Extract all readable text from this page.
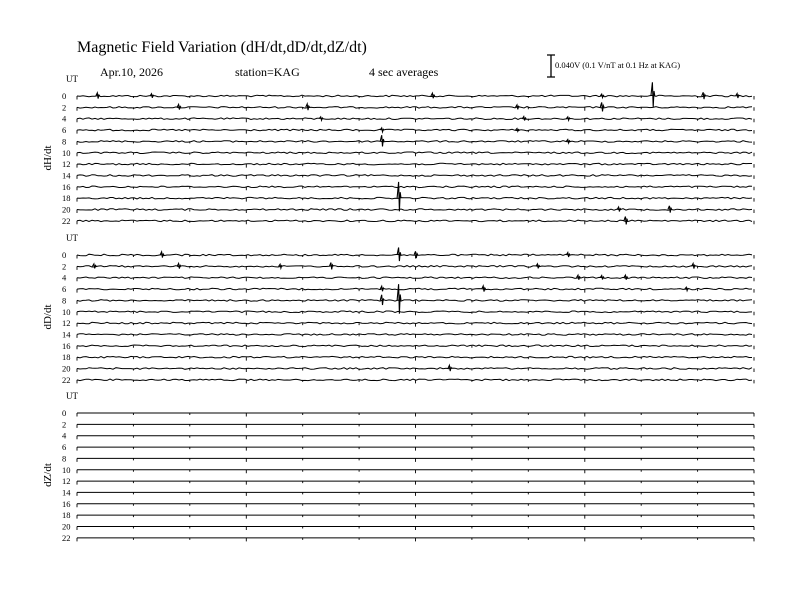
Magnetic Field Variation (dH/dt,dD/dt,dZ/dt)
Apr.10, 2026	station=KAG	4 sec averages	0.040V (0.1 V/nT at 0.1 Hz at KAG)
UT
dH/dt
0
2
4
6
8
10
12
14
16
18
20
22
UT
dD/dt
0
2
4
6
8
10
12
14
16
18
20
22
UT
dZ/dt
0
2
4
6
8
10
12
14
16
18
20
22
